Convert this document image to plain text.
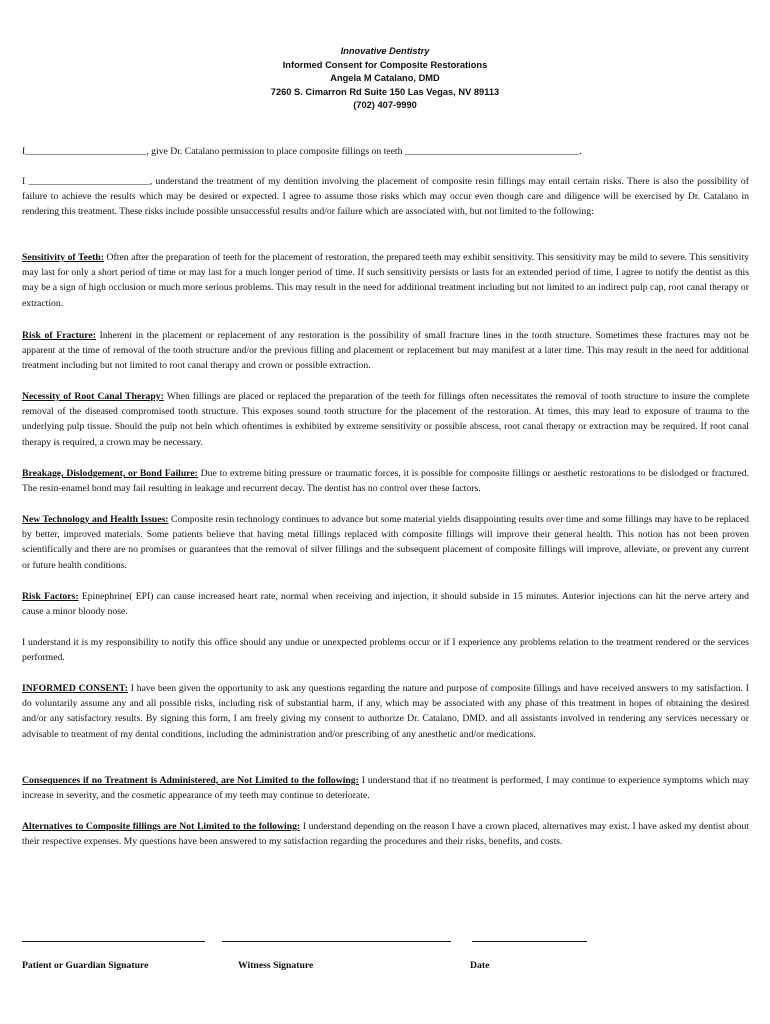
Innovative Dentistry
Informed Consent for Composite Restorations
Angela M Catalano, DMD
7260 S. Cimarron Rd Suite 150 Las Vegas, NV 89113
(702) 407-9990

I_________________________, give Dr. Catalano permission to place composite fillings on teeth ____________________________________.

I _________________________, understand the treatment of my dentition involving the placement of composite resin fillings may entail certain risks. There is also the possibility of failure to achieve the results which may be desired or expected. I agree to assume those risks which may occur even though care and diligence will be exercised by Dr. Catalano in rendering this treatment. These risks include possible unsuccessful results and/or failure which are associated with, but not limited to the following:

Sensitivity of Teeth: Often after the preparation of teeth for the placement of restoration, the prepared teeth may exhibit sensitivity. This sensitivity may be mild to severe. This sensitivity may last for only a short period of time or may last for a much longer period of time. If such sensitivity persists or lasts for an extended period of time, I agree to notify the dentist as this may be a sign of high occlusion or much more serious problems. This may result in the need for additional treatment including but not limited to an indirect pulp cap, root canal therapy or extraction.

Risk of Fracture: Inherent in the placement or replacement of any restoration is the possibility of small fracture lines in the tooth structure. Sometimes these fractures may not be apparent at the time of removal of the tooth structure and/or the previous filling and placement or replacement but may manifest at a later time. This may result in the need for additional treatment including but not limited to root canal therapy and crown or possible extraction.

Necessity of Root Canal Therapy: When fillings are placed or replaced the preparation of the teeth for fillings often necessitates the removal of tooth structure to insure the complete removal of the diseased compromised tooth structure. This exposes sound tooth structure for the placement of the restoration. At times, this may lead to exposure of trauma to the underlying pulp tissue. Should the pulp not heln which oftentimes is exhibited by extreme sensitivity or possible abscess, root canal therapy or extraction may be required. If root canal therapy is required, a crown may be necessary.

Breakage, Dislodgement, or Bond Failure: Due to extreme biting pressure or traumatic forces, it is possible for composite fillings or aesthetic restorations to be dislodged or fractured. The resin-enamel bond may fail resulting in leakage and recurrent decay. The dentist has no control over these factors.

New Technology and Health Issues: Composite resin technology continues to advance but some material yields disappointing results over time and some fillings may have to be replaced by better, improved materials. Some patients believe that having metal fillings replaced with composite fillings will improve their general health. This notion has not been proven scientifically and there are no promises or guarantees that the removal of silver fillings and the subsequent placement of composite fillings will improve, alleviate, or prevent any current or future health conditions.

Risk Factors: Epinephrine( EPI) can cause increased heart rate, normal when receiving and injection, it should subside in 15 minutes. Anterior injections can hit the nerve artery and cause a minor bloody nose.

I understand it is my responsibility to notify this office should any undue or unexpected problems occur or if I experience any problems relation to the treatment rendered or the services performed.

INFORMED CONSENT: I have been given the opportunity to ask any questions regarding the nature and purpose of composite fillings and have received answers to my satisfaction. I do voluntarily assume any and all possible risks, including risk of substantial harm, if any, which may be associated with any phase of this treatment in hopes of obtaining the desired and/or any satisfactory results. By signing this form, I am freely giving my consent to authorize Dr. Catalano, DMD. and all assistants involved in rendering any services necessary or advisable to treatment of my dental conditions, including the administration and/or prescribing of any anesthetic and/or medications.

Consequences if no Treatment is Administered, are Not Limited to the following: I understand that if no treatment is performed, I may continue to experience symptoms which may increase in severity, and the cosmetic appearance of my teeth may continue to deteriorate.

Alternatives to Composite fillings are Not Limited to the following: I understand depending on the reason I have a crown placed, alternatives may exist. I have asked my dentist about their respective expenses. My questions have been answered to my satisfaction regarding the procedures and their risks, benefits, and costs.

Patient or Guardian Signature	Witness Signature	Date
